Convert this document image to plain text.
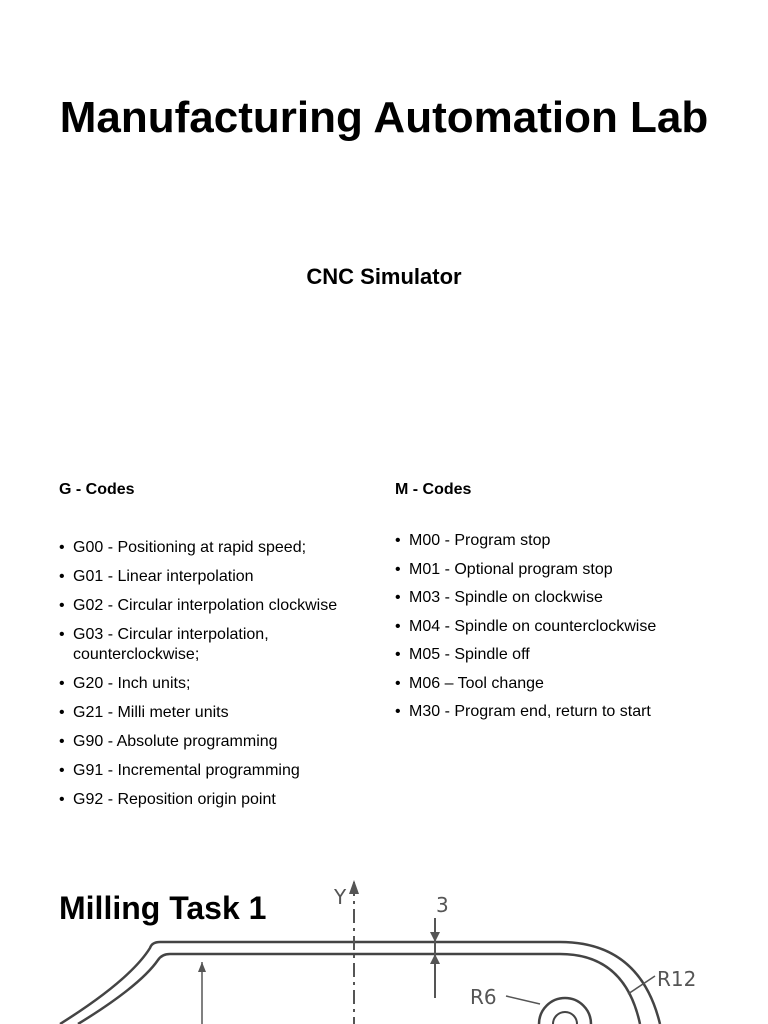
Manufacturing Automation Lab
CNC Simulator
G - Codes
• G00 - Positioning at rapid speed;
• G01 - Linear interpolation
• G02 - Circular interpolation clockwise
• G03 - Circular interpolation, counterclockwise;
• G20 - Inch units;
• G21 - Milli meter units
• G90 - Absolute programming
• G91 - Incremental programming
• G92 - Reposition origin point
M - Codes
• M00 - Program stop
• M01 - Optional program stop
• M03 - Spindle on clockwise
• M04 - Spindle on counterclockwise
• M05 - Spindle off
• M06 – Tool change
• M30 - Program end, return to start
Y	3
R6
R12
Milling Task 1
